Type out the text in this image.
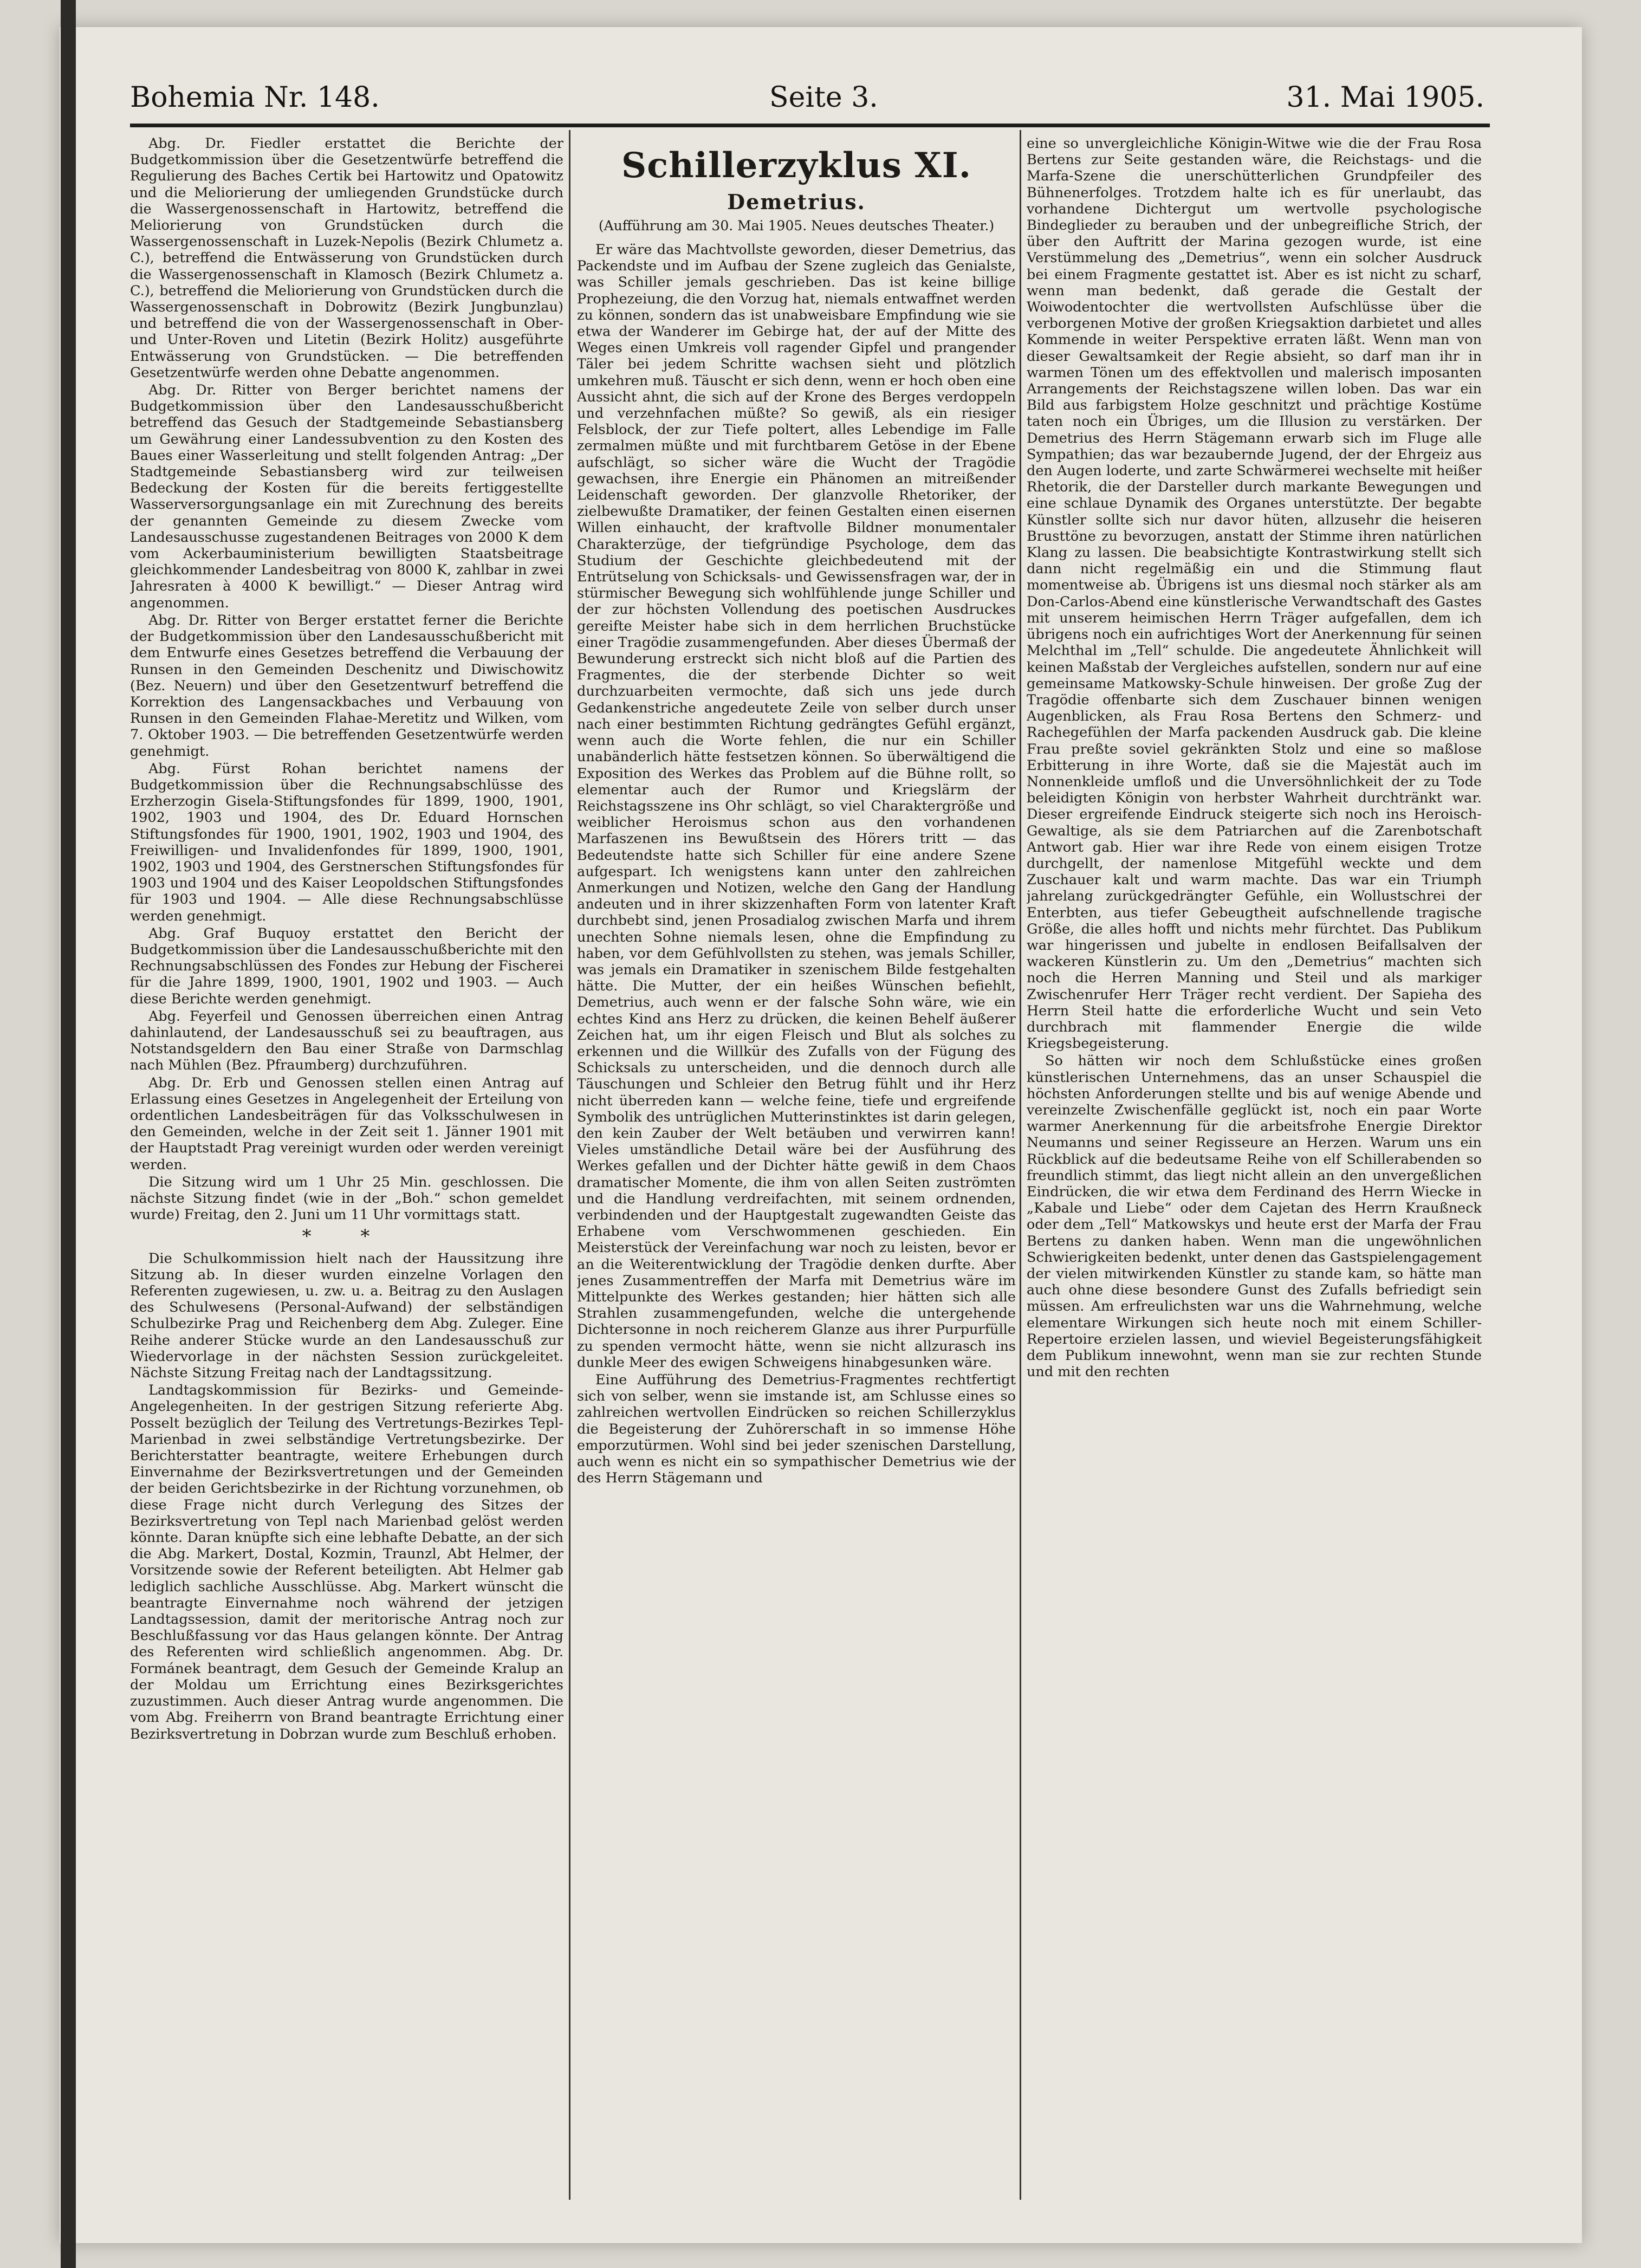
Bohemia Nr. 148.	Seite 3.	31. Mai 1905.

Abg. Dr. Fiedler erstattet die Berichte der Budgetkommission über die Gesetzentwürfe betreffend die Regulierung des Baches Certik bei Hartowitz und Opatowitz und die Meliorierung der umliegenden Grundstücke durch die Wassergenossenschaft in Hartowitz, betreffend die Meliorierung von Grundstücken durch die Wassergenossenschaft in Luzek-Nepolis (Bezirk Chlumetz a. C.), betreffend die Entwässerung von Grundstücken durch die Wassergenossenschaft in Klamosch (Bezirk Chlumetz a. C.), betreffend die Meliorierung von Grundstücken durch die Wassergenossenschaft in Dobrowitz (Bezirk Jungbunzlau) und betreffend die von der Wassergenossenschaft in Ober- und Unter-Roven und Litetin (Bezirk Holitz) ausgeführte Entwässerung von Grundstücken. — Die betreffenden Gesetzentwürfe werden ohne Debatte angenommen.

Abg. Dr. Ritter von Berger berichtet namens der Budgetkommission über den Landesausschußbericht betreffend das Gesuch der Stadtgemeinde Sebastiansberg um Gewährung einer Landessubvention zu den Kosten des Baues einer Wasserleitung und stellt folgenden Antrag: „Der Stadtgemeinde Sebastiansberg wird zur teilweisen Bedeckung der Kosten für die bereits fertiggestellte Wasserversorgungsanlage ein mit Zurechnung des bereits der genannten Gemeinde zu diesem Zwecke vom Landesausschusse zugestandenen Beitrages von 2000 K dem vom Ackerbauministerium bewilligten Staatsbeitrage gleichkommender Landesbeitrag von 8000 K, zahlbar in zwei Jahresraten à 4000 K bewilligt.“ — Dieser Antrag wird angenommen.

Abg. Dr. Ritter von Berger erstattet ferner die Berichte der Budgetkommission über den Landesausschußbericht mit dem Entwurfe eines Gesetzes betreffend die Verbauung der Runsen in den Gemeinden Deschenitz und Diwischowitz (Bez. Neuern) und über den Gesetzentwurf betreffend die Korrektion des Langensackbaches und Verbauung von Runsen in den Gemeinden Flahae-Meretitz und Wilken, vom 7. Oktober 1903. — Die betreffenden Gesetzentwürfe werden genehmigt.

Abg. Fürst Rohan berichtet namens der Budgetkommission über die Rechnungsabschlüsse des Erzherzogin Gisela-Stiftungsfondes für 1899, 1900, 1901, 1902, 1903 und 1904, des Dr. Eduard Hornschen Stiftungsfondes für 1900, 1901, 1902, 1903 und 1904, des Freiwilligen- und Invalidenfondes für 1899, 1900, 1901, 1902, 1903 und 1904, des Gerstnerschen Stiftungsfondes für 1903 und 1904 und des Kaiser Leopoldschen Stiftungsfondes für 1903 und 1904. — Alle diese Rechnungsabschlüsse werden genehmigt.

Abg. Graf Buquoy erstattet den Bericht der Budgetkommission über die Landesausschußberichte mit den Rechnungsabschlüssen des Fondes zur Hebung der Fischerei für die Jahre 1899, 1900, 1901, 1902 und 1903. — Auch diese Berichte werden genehmigt.

Abg. Feyerfeil und Genossen überreichen einen Antrag dahinlautend, der Landesausschuß sei zu beauftragen, aus Notstandsgeldern den Bau einer Straße von Darmschlag nach Mühlen (Bez. Pfraumberg) durchzuführen.

Abg. Dr. Erb und Genossen stellen einen Antrag auf Erlassung eines Gesetzes in Angelegenheit der Erteilung von ordentlichen Landesbeiträgen für das Volksschulwesen in den Gemeinden, welche in der Zeit seit 1. Jänner 1901 mit der Hauptstadt Prag vereinigt wurden oder werden vereinigt werden.

Die Sitzung wird um 1 Uhr 25 Min. geschlossen. Die nächste Sitzung findet (wie in der „Boh.“ schon gemeldet wurde) Freitag, den 2. Juni um 11 Uhr vormittags statt.

* *

Die Schulkommission hielt nach der Haussitzung ihre Sitzung ab. In dieser wurden einzelne Vorlagen den Referenten zugewiesen, u. zw. u. a. Beitrag zu den Auslagen des Schulwesens (Personal-Aufwand) der selbständigen Schulbezirke Prag und Reichenberg dem Abg. Zuleger. Eine Reihe anderer Stücke wurde an den Landesausschuß zur Wiedervorlage in der nächsten Session zurückgeleitet. Nächste Sitzung Freitag nach der Landtagssitzung.

Landtagskommission für Bezirks- und Gemeinde-Angelegenheiten. In der gestrigen Sitzung referierte Abg. Posselt bezüglich der Teilung des Vertretungs-Bezirkes Tepl-Marienbad in zwei selbständige Vertretungsbezirke. Der Berichterstatter beantragte, weitere Erhebungen durch Einvernahme der Bezirksvertretungen und der Gemeinden der beiden Gerichtsbezirke in der Richtung vorzunehmen, ob diese Frage nicht durch Verlegung des Sitzes der Bezirksvertretung von Tepl nach Marienbad gelöst werden könnte. Daran knüpfte sich eine lebhafte Debatte, an der sich die Abg. Markert, Dostal, Kozmin, Traunzl, Abt Helmer, der Vorsitzende sowie der Referent beteiligten. Abt Helmer gab lediglich sachliche Ausschlüsse. Abg. Markert wünscht die beantragte Einvernahme noch während der jetzigen Landtagssession, damit der meritorische Antrag noch zur Beschlußfassung vor das Haus gelangen könnte. Der Antrag des Referenten wird schließlich angenommen. Abg. Dr. Formánek beantragt, dem Gesuch der Gemeinde Kralup an der Moldau um Errichtung eines Bezirksgerichtes zuzustimmen. Auch dieser Antrag wurde angenommen. Die vom Abg. Freiherrn von Brand beantragte Errichtung einer Bezirksvertretung in Dobrzan wurde zum Beschluß erhoben.

Schillerzyklus XI.
Demetrius.
(Aufführung am 30. Mai 1905. Neues deutsches Theater.)

Er wäre das Machtvollste geworden, dieser Demetrius, das Packendste und im Aufbau der Szene zugleich das Genialste, was Schiller jemals geschrieben. Das ist keine billige Prophezeiung, die den Vorzug hat, niemals entwaffnet werden zu können, sondern das ist unabweisbare Empfindung wie sie etwa der Wanderer im Gebirge hat, der auf der Mitte des Weges einen Umkreis voll ragender Gipfel und prangender Täler bei jedem Schritte wachsen sieht und plötzlich umkehren muß. Täuscht er sich denn, wenn er hoch oben eine Aussicht ahnt, die sich auf der Krone des Berges verdoppeln und verzehnfachen müßte? So gewiß, als ein riesiger Felsblock, der zur Tiefe poltert, alles Lebendige im Falle zermalmen müßte und mit furchtbarem Getöse in der Ebene aufschlägt, so sicher wäre die Wucht der Tragödie gewachsen, ihre Energie ein Phänomen an mitreißender Leidenschaft geworden. Der glanzvolle Rhetoriker, der zielbewußte Dramatiker, der feinen Gestalten einen eisernen Willen einhaucht, der kraftvolle Bildner monumentaler Charakterzüge, der tiefgründige Psychologe, dem das Studium der Geschichte gleichbedeutend mit der Entrütselung von Schicksals- und Gewissensfragen war, der in stürmischer Bewegung sich wohlfühlende junge Schiller und der zur höchsten Vollendung des poetischen Ausdruckes gereifte Meister habe sich in dem herrlichen Bruchstücke einer Tragödie zusammengefunden. Aber dieses Übermaß der Bewunderung erstreckt sich nicht bloß auf die Partien des Fragmentes, die der sterbende Dichter so weit durchzuarbeiten vermochte, daß sich uns jede durch Gedankenstriche angedeutete Zeile von selber durch unser nach einer bestimmten Richtung gedrängtes Gefühl ergänzt, wenn auch die Worte fehlen, die nur ein Schiller unabänderlich hätte festsetzen können. So überwältigend die Exposition des Werkes das Problem auf die Bühne rollt, so elementar auch der Rumor und Kriegslärm der Reichstagsszene ins Ohr schlägt, so viel Charaktergröße und weiblicher Heroismus schon aus den vorhandenen Marfaszenen ins Bewußtsein des Hörers tritt — das Bedeutendste hatte sich Schiller für eine andere Szene aufgespart. Ich wenigstens kann unter den zahlreichen Anmerkungen und Notizen, welche den Gang der Handlung andeuten und in ihrer skizzenhaften Form von latenter Kraft durchbebt sind, jenen Prosadialog zwischen Marfa und ihrem unechten Sohne niemals lesen, ohne die Empfindung zu haben, vor dem Gefühlvollsten zu stehen, was jemals Schiller, was jemals ein Dramatiker in szenischem Bilde festgehalten hätte. Die Mutter, der ein heißes Wünschen befiehlt, Demetrius, auch wenn er der falsche Sohn wäre, wie ein echtes Kind ans Herz zu drücken, die keinen Behelf äußerer Zeichen hat, um ihr eigen Fleisch und Blut als solches zu erkennen und die Willkür des Zufalls von der Fügung des Schicksals zu unterscheiden, und die dennoch durch alle Täuschungen und Schleier den Betrug fühlt und ihr Herz nicht überreden kann — welche feine, tiefe und ergreifende Symbolik des untrüglichen Mutterinstinktes ist darin gelegen, den kein Zauber der Welt betäuben und verwirren kann! Vieles umständliche Detail wäre bei der Ausführung des Werkes gefallen und der Dichter hätte gewiß in dem Chaos dramatischer Momente, die ihm von allen Seiten zuströmten und die Handlung verdreifachten, mit seinem ordnenden, verbindenden und der Hauptgestalt zugewandten Geiste das Erhabene vom Verschwommenen geschieden. Ein Meisterstück der Vereinfachung war noch zu leisten, bevor er an die Weiterentwicklung der Tragödie denken durfte. Aber jenes Zusammentreffen der Marfa mit Demetrius wäre im Mittelpunkte des Werkes gestanden; hier hätten sich alle Strahlen zusammengefunden, welche die untergehende Dichtersonne in noch reicherem Glanze aus ihrer Purpurfülle zu spenden vermocht hätte, wenn sie nicht allzurasch ins dunkle Meer des ewigen Schweigens hinabgesunken wäre.

Eine Aufführung des Demetrius-Fragmentes rechtfertigt sich von selber, wenn sie imstande ist, am Schlusse eines so zahlreichen wertvollen Eindrücken so reichen Schillerzyklus die Begeisterung der Zuhörerschaft in so immense Höhe emporzutürmen. Wohl sind bei jeder szenischen Darstellung, auch wenn es nicht ein so sympathischer Demetrius wie der des Herrn Stägemann und

eine so unvergleichliche Königin-Witwe wie die der Frau Rosa Bertens zur Seite gestanden wäre, die Reichstags- und die Marfa-Szene die unerschütterlichen Grundpfeiler des Bühnenerfolges. Trotzdem halte ich es für unerlaubt, das vorhandene Dichtergut um wertvolle psychologische Bindeglieder zu berauben und der unbegreifliche Strich, der über den Auftritt der Marina gezogen wurde, ist eine Verstümmelung des „Demetrius“, wenn ein solcher Ausdruck bei einem Fragmente gestattet ist. Aber es ist nicht zu scharf, wenn man bedenkt, daß gerade die Gestalt der Woiwodentochter die wertvollsten Aufschlüsse über die verborgenen Motive der großen Kriegsaktion darbietet und alles Kommende in weiter Perspektive erraten läßt. Wenn man von dieser Gewaltsamkeit der Regie absieht, so darf man ihr in warmen Tönen um des effektvollen und malerisch imposanten Arrangements der Reichstagszene willen loben. Das war ein Bild aus farbigstem Holze geschnitzt und prächtige Kostüme taten noch ein Übriges, um die Illusion zu verstärken. Der Demetrius des Herrn Stägemann erwarb sich im Fluge alle Sympathien; das war bezaubernde Jugend, der der Ehrgeiz aus den Augen loderte, und zarte Schwärmerei wechselte mit heißer Rhetorik, die der Darsteller durch markante Bewegungen und eine schlaue Dynamik des Organes unterstützte. Der begabte Künstler sollte sich nur davor hüten, allzusehr die heiseren Brusttöne zu bevorzugen, anstatt der Stimme ihren natürlichen Klang zu lassen. Die beabsichtigte Kontrastwirkung stellt sich dann nicht regelmäßig ein und die Stimmung flaut momentweise ab. Übrigens ist uns diesmal noch stärker als am Don-Carlos-Abend eine künstlerische Verwandtschaft des Gastes mit unserem heimischen Herrn Träger aufgefallen, dem ich übrigens noch ein aufrichtiges Wort der Anerkennung für seinen Melchthal im „Tell“ schulde. Die angedeutete Ähnlichkeit will keinen Maßstab der Vergleiches aufstellen, sondern nur auf eine gemeinsame Matkowsky-Schule hinweisen. Der große Zug der Tragödie offenbarte sich dem Zuschauer binnen wenigen Augenblicken, als Frau Rosa Bertens den Schmerz- und Rachegefühlen der Marfa packenden Ausdruck gab. Die kleine Frau preßte soviel gekränkten Stolz und eine so maßlose Erbitterung in ihre Worte, daß sie die Majestät auch im Nonnenkleide umfloß und die Unversöhnlichkeit der zu Tode beleidigten Königin von herbster Wahrheit durchtränkt war. Dieser ergreifende Eindruck steigerte sich noch ins Heroisch-Gewaltige, als sie dem Patriarchen auf die Zarenbotschaft Antwort gab. Hier war ihre Rede von einem eisigen Trotze durchgellt, der namenlose Mitgefühl weckte und dem Zuschauer kalt und warm machte. Das war ein Triumph jahrelang zurückgedrängter Gefühle, ein Wollustschrei der Enterbten, aus tiefer Gebeugtheit aufschnellende tragische Größe, die alles hofft und nichts mehr fürchtet. Das Publikum war hingerissen und jubelte in endlosen Beifallsalven der wackeren Künstlerin zu. Um den „Demetrius“ machten sich noch die Herren Manning und Steil und als markiger Zwischenrufer Herr Träger recht verdient. Der Sapieha des Herrn Steil hatte die erforderliche Wucht und sein Veto durchbrach mit flammender Energie die wilde Kriegsbegeisterung.

So hätten wir noch dem Schlußstücke eines großen künstlerischen Unternehmens, das an unser Schauspiel die höchsten Anforderungen stellte und bis auf wenige Abende und vereinzelte Zwischenfälle geglückt ist, noch ein paar Worte warmer Anerkennung für die arbeitsfrohe Energie Direktor Neumanns und seiner Regisseure an Herzen. Warum uns ein Rückblick auf die bedeutsame Reihe von elf Schillerabenden so freundlich stimmt, das liegt nicht allein an den unvergeßlichen Eindrücken, die wir etwa dem Ferdinand des Herrn Wiecke in „Kabale und Liebe“ oder dem Cajetan des Herrn Kraußneck oder dem „Tell“ Matkowskys und heute erst der Marfa der Frau Bertens zu danken haben. Wenn man die ungewöhnlichen Schwierigkeiten bedenkt, unter denen das Gastspielengagement der vielen mitwirkenden Künstler zu stande kam, so hätte man auch ohne diese besondere Gunst des Zufalls befriedigt sein müssen. Am erfreulichsten war uns die Wahrnehmung, welche elementare Wirkungen sich heute noch mit einem Schiller-Repertoire erzielen lassen, und wieviel Begeisterungsfähigkeit dem Publikum innewohnt, wenn man sie zur rechten Stunde und mit den rechten
